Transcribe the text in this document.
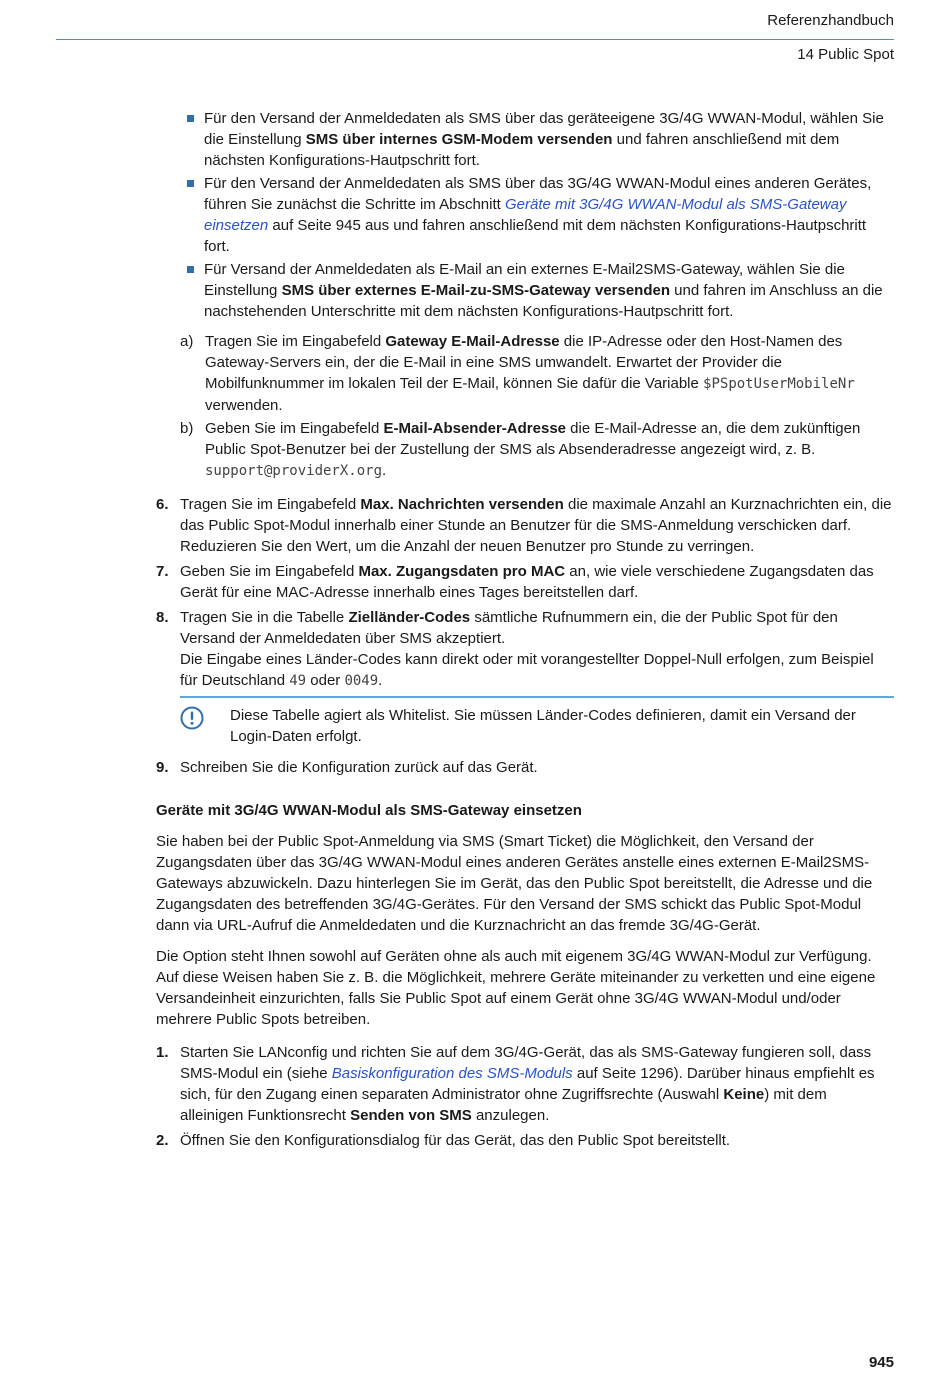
Referenzhandbuch
14 Public Spot
Für den Versand der Anmeldedaten als SMS über das geräteeigene 3G/4G WWAN-Modul, wählen Sie die Einstellung SMS über internes GSM-Modem versenden und fahren anschließend mit dem nächsten Konfigurations-Hautpschritt fort.
Für den Versand der Anmeldedaten als SMS über das 3G/4G WWAN-Modul eines anderen Gerätes, führen Sie zunächst die Schritte im Abschnitt Geräte mit 3G/4G WWAN-Modul als SMS-Gateway einsetzen auf Seite 945 aus und fahren anschließend mit dem nächsten Konfigurations-Hautpschritt fort.
Für Versand der Anmeldedaten als E-Mail an ein externes E-Mail2SMS-Gateway, wählen Sie die Einstellung SMS über externes E-Mail-zu-SMS-Gateway versenden und fahren im Anschluss an die nachstehenden Unterschritte mit dem nächsten Konfigurations-Hautpschritt fort.
a) Tragen Sie im Eingabefeld Gateway E-Mail-Adresse die IP-Adresse oder den Host-Namen des Gateway-Servers ein, der die E-Mail in eine SMS umwandelt. Erwartet der Provider die Mobilfunknummer im lokalen Teil der E-Mail, können Sie dafür die Variable $PSpotUserMobileNr verwenden.
b) Geben Sie im Eingabefeld E-Mail-Absender-Adresse die E-Mail-Adresse an, die dem zukünftigen Public Spot-Benutzer bei der Zustellung der SMS als Absenderadresse angezeigt wird, z. B. support@providerX.org.
6. Tragen Sie im Eingabefeld Max. Nachrichten versenden die maximale Anzahl an Kurznachrichten ein, die das Public Spot-Modul innerhalb einer Stunde an Benutzer für die SMS-Anmeldung verschicken darf. Reduzieren Sie den Wert, um die Anzahl der neuen Benutzer pro Stunde zu verringen.
7. Geben Sie im Eingabefeld Max. Zugangsdaten pro MAC an, wie viele verschiedene Zugangsdaten das Gerät für eine MAC-Adresse innerhalb eines Tages bereitstellen darf.
8. Tragen Sie in die Tabelle Zielländer-Codes sämtliche Rufnummern ein, die der Public Spot für den Versand der Anmeldedaten über SMS akzeptiert.
Die Eingabe eines Länder-Codes kann direkt oder mit vorangestellter Doppel-Null erfolgen, zum Beispiel für Deutschland 49 oder 0049.
Diese Tabelle agiert als Whitelist. Sie müssen Länder-Codes definieren, damit ein Versand der Login-Daten erfolgt.
9. Schreiben Sie die Konfiguration zurück auf das Gerät.
Geräte mit 3G/4G WWAN-Modul als SMS-Gateway einsetzen

Sie haben bei der Public Spot-Anmeldung via SMS (Smart Ticket) die Möglichkeit, den Versand der Zugangsdaten über das 3G/4G WWAN-Modul eines anderen Gerätes anstelle eines externen E-Mail2SMS-Gateways abzuwickeln. Dazu hinterlegen Sie im Gerät, das den Public Spot bereitstellt, die Adresse und die Zugangsdaten des betreffenden 3G/4G-Gerätes. Für den Versand der SMS schickt das Public Spot-Modul dann via URL-Aufruf die Anmeldedaten und die Kurznachricht an das fremde 3G/4G-Gerät.

Die Option steht Ihnen sowohl auf Geräten ohne als auch mit eigenem 3G/4G WWAN-Modul zur Verfügung. Auf diese Weisen haben Sie z. B. die Möglichkeit, mehrere Geräte miteinander zu verketten und eine eigene Versandeinheit einzurichten, falls Sie Public Spot auf einem Gerät ohne 3G/4G WWAN-Modul und/oder mehrere Public Spots betreiben.

1. Starten Sie LANconfig und richten Sie auf dem 3G/4G-Gerät, das als SMS-Gateway fungieren soll, dass SMS-Modul ein (siehe Basiskonfiguration des SMS-Moduls auf Seite 1296). Darüber hinaus empfiehlt es sich, für den Zugang einen separaten Administrator ohne Zugriffsrechte (Auswahl Keine) mit dem alleinigen Funktionsrecht Senden von SMS anzulegen.
2. Öffnen Sie den Konfigurationsdialog für das Gerät, das den Public Spot bereitstellt.
945
